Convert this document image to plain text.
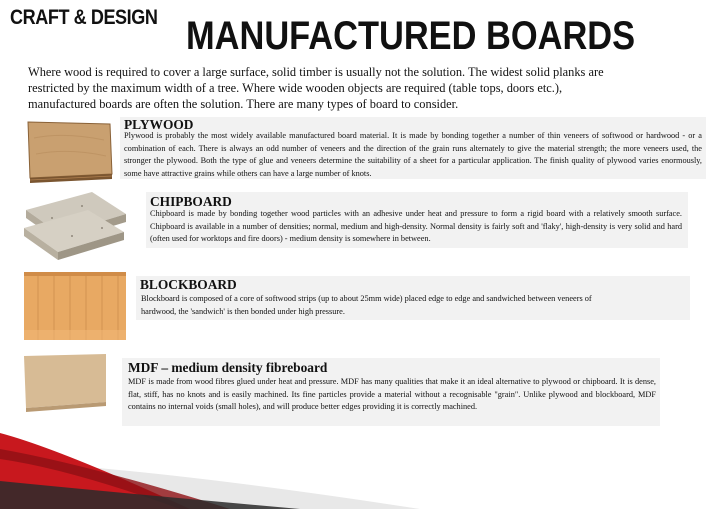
CRAFT & DESIGN MANUFACTURED BOARDS
Where wood is required to cover a large surface, solid timber is usually not the solution. The widest solid planks are restricted by the maximum width of a tree. Where wide wooden objects are required (table tops, doors etc.), manufactured boards are often the solution. There are many types of board to consider.
PLYWOOD
Plywood is probably the most widely available manufactured board material. It is made by bonding together a number of thin veneers of softwood or hardwood - or a combination of each. There is always an odd number of veneers and the direction of the grain runs alternately to give the material strength; the more veneers used, the stronger the plywood. Both the type of glue and veneers determine the suitability of a sheet for a particular application. The finish quality of plywood varies enormously, some have attractive grains while others can have a large number of knots.
CHIPBOARD
Chipboard is made by bonding together wood particles with an adhesive under heat and pressure to form a rigid board with a relatively smooth surface. Chipboard is available in a number of densities; normal, medium and high-density. Normal density is fairly soft and 'flaky', high-density is very solid and hard (often used for worktops and fire doors) - medium density is somewhere in between.
BLOCKBOARD
Blockboard is composed of a core of softwood strips (up to about 25mm wide) placed edge to edge and sandwiched between veneers of hardwood, the 'sandwich' is then bonded under high pressure.
MDF – medium density fibreboard
MDF is made from wood fibres glued under heat and pressure. MDF has many qualities that make it an ideal alternative to plywood or chipboard. It is dense, flat, stiff, has no knots and is easily machined. Its fine particles provide a material without a recognisable "grain". Unlike plywood and blockboard, MDF contains no internal voids (small holes), and will produce better edges providing it is correctly machined.
